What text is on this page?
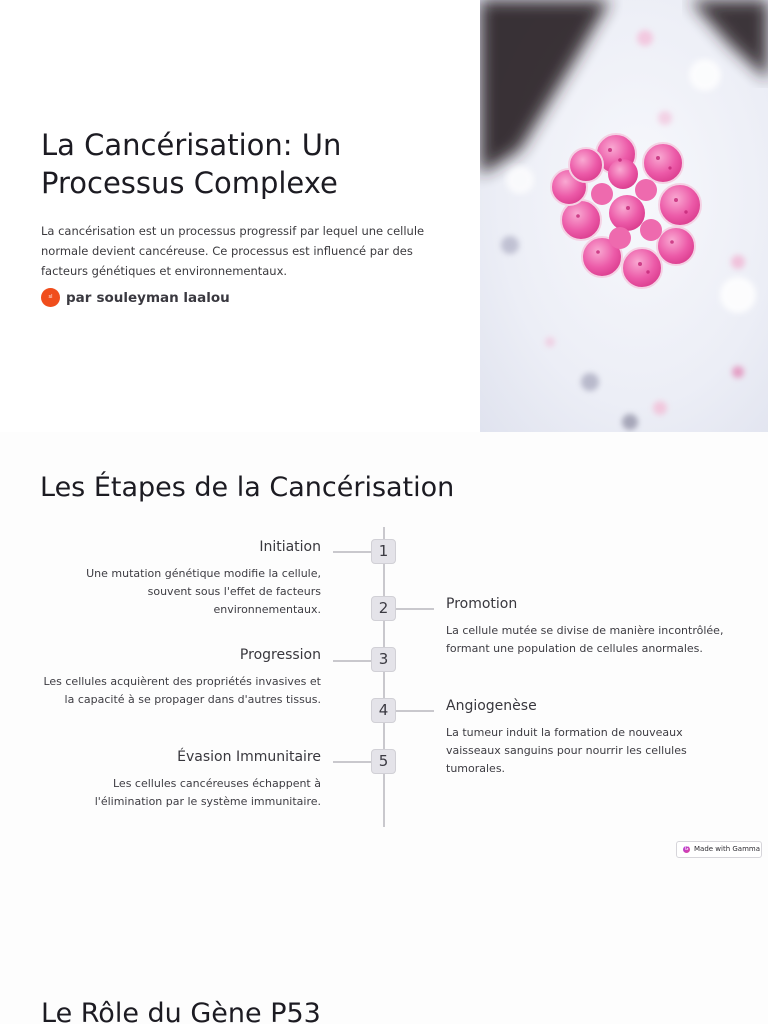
La Cancérisation: Un Processus Complexe

La cancérisation est un processus progressif par lequel une cellule normale devient cancéreuse. Ce processus est influencé par des facteurs génétiques et environnementaux.

sl	par souleyman laalou
Les Étapes de la Cancérisation
1
2
3
4
5
Initiation
Une mutation génétique modifie la cellule, souvent sous l'effet de facteurs environnementaux.	Promotion
La cellule mutée se divise de manière incontrôlée, formant une population de cellules anormales.
Progression
Les cellules acquièrent des propriétés invasives et la capacité à se propager dans d'autres tissus.	Angiogenèse
La tumeur induit la formation de nouveaux vaisseaux sanguins pour nourrir les cellules tumorales.
Évasion Immunitaire
Les cellules cancéreuses échappent à l'élimination par le système immunitaire.
G Made with Gamma
Le Rôle du Gène P53
